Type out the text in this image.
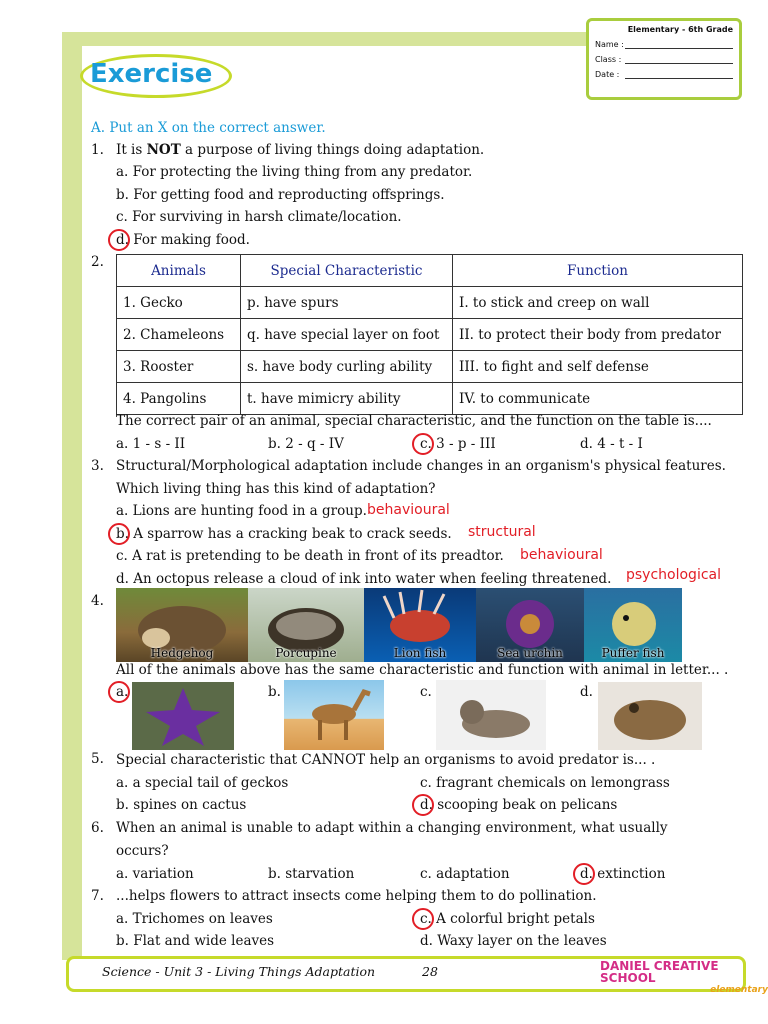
Elementary - 6th Grade
Name :
Class :
Date :
Exercise
A. Put an X on the correct answer.
1. It is NOT a purpose of living things doing adaptation.
a. For protecting the living thing from any predator.
b. For getting food and reproducting offsprings.
c. For surviving in harsh climate/location.
d. For making food.
2.
Animals	Special Characteristic	Function
1. Gecko	p. have spurs	I. to stick and creep on wall
2. Chameleons	q. have special layer on foot	II. to protect their body from predator
3. Rooster	s. have body curling ability	III. to fight and self defense
4. Pangolins	t. have mimicry ability	IV. to communicate
The correct pair of an animal, special characteristic, and the function on the table is....
a. 1 - s - II	b. 2 - q - IV	c. 3 - p - III	d. 4 - t - I
3. Structural/Morphological adaptation include changes in an organism's physical features.
Which living thing has this kind of adaptation?
a. Lions are hunting food in a group. behavioural
b. A sparrow has a cracking beak to crack seeds. structural
c. A rat is pretending to be death in front of its preadtor. behavioural
d. An octopus release a cloud of ink into water when feeling threatened. psychological
4.
Hedgehog	Porcupine	Lion fish	Sea urchin	Puffer fish
All of the animals above has the same characteristic and function with animal in letter... .
a.	b.	c.	d.
5. Special characteristic that CANNOT help an organisms to avoid predator is... .
a. a special tail of geckos	c. fragrant chemicals on lemongrass
b. spines on cactus	d. scooping beak on pelicans
6. When an animal is unable to adapt within a changing environment, what usually
occurs?
a. variation	b. starvation	c. adaptation	d. extinction
7. ...helps flowers to attract insects come helping them to do pollination.
a. Trichomes on leaves	c. A colorful bright petals
b. Flat and wide leaves	d. Waxy layer on the leaves
Science - Unit 3 - Living Things Adaptation	28	DANIEL CREATIVE SCHOOL
elementary
